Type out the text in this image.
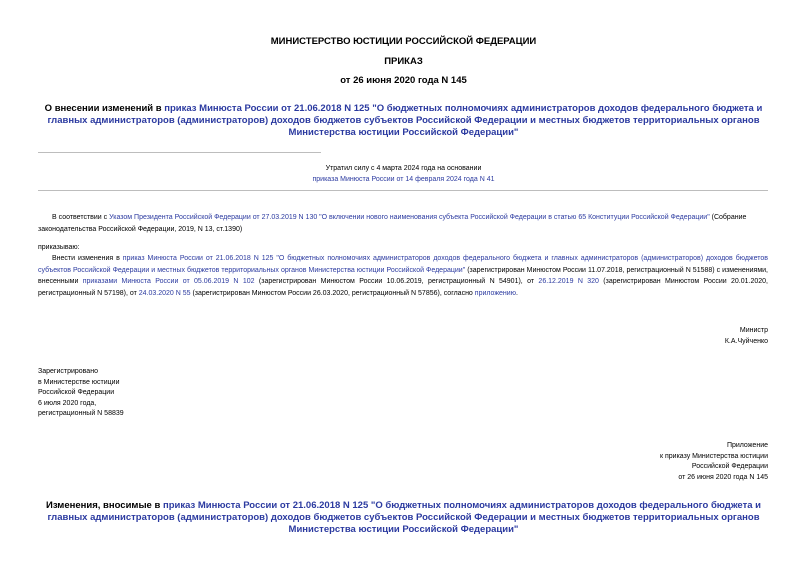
МИНИСТЕРСТВО ЮСТИЦИИ РОССИЙСКОЙ ФЕДЕРАЦИИ
ПРИКАЗ
от 26 июня 2020 года N 145
О внесении изменений в приказ Минюста России от 21.06.2018 N 125 "О бюджетных полномочиях администраторов доходов федерального бюджета и главных администраторов (администраторов) доходов бюджетов субъектов Российской Федерации и местных бюджетов территориальных органов Министерства юстиции Российской Федерации"
Утратил силу с 4 марта 2024 года на основании
приказа Минюста России от 14 февраля 2024 года N 41
В соответствии с Указом Президента Российской Федерации от 27.03.2019 N 130 "О включении нового наименования субъекта Российской Федерации в статью 65 Конституции Российской Федерации" (Собрание законодательства Российской Федерации, 2019, N 13, ст.1390)
приказываю:
Внести изменения в приказ Минюста России от 21.06.2018 N 125 "О бюджетных полномочиях администраторов доходов федерального бюджета и главных администраторов (администраторов) доходов бюджетов субъектов Российской Федерации и местных бюджетов территориальных органов Министерства юстиции Российской Федерации" (зарегистрирован Минюстом России 11.07.2018, регистрационный N 51588) с изменениями, внесенными приказами Минюста России от 05.06.2019 N 102 (зарегистрирован Минюстом России 10.06.2019, регистрационный N 54901), от 26.12.2019 N 320 (зарегистрирован Минюстом России 20.01.2020, регистрационный N 57198), от 24.03.2020 N 55 (зарегистрирован Минюстом России 26.03.2020, регистрационный N 57856), согласно приложению.
Министр
К.А.Чуйченко
Зарегистрировано
в Министерстве юстиции
Российской Федерации
6 июля 2020 года,
регистрационный N 58839
Приложение
к приказу Министерства юстиции
Российской Федерации
от 26 июня 2020 года N 145
Изменения, вносимые в приказ Минюста России от 21.06.2018 N 125 "О бюджетных полномочиях администраторов доходов федерального бюджета и главных администраторов (администраторов) доходов бюджетов субъектов Российской Федерации и местных бюджетов территориальных органов Министерства юстиции Российской Федерации"
